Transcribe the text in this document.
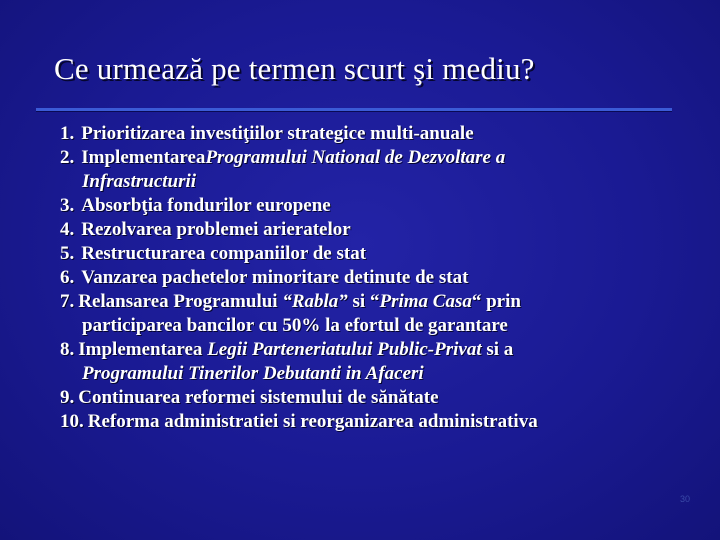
Ce urmează pe termen scurt şi mediu?
1. Prioritizarea investiţiilor strategice multi-anuale
2. Implementarea Programului National de Dezvoltare a
Infrastructurii
3. Absorbţia fondurilor europene
4. Rezolvarea problemei arieratelor
5. Restructurarea companiilor de stat
6. Vanzarea pachetelor minoritare detinute de stat
7. Relansarea Programului “Rabla” si “ Prima Casa “ prin
participarea bancilor cu 50% la efortul de garantare
8. Implementarea Legii Parteneriatului Public-Privat si a
Programului Tinerilor Debutanti in Afaceri
9. Continuarea reformei sistemului de sănătate
10. Reforma administratiei si reorganizarea administrativa
30
